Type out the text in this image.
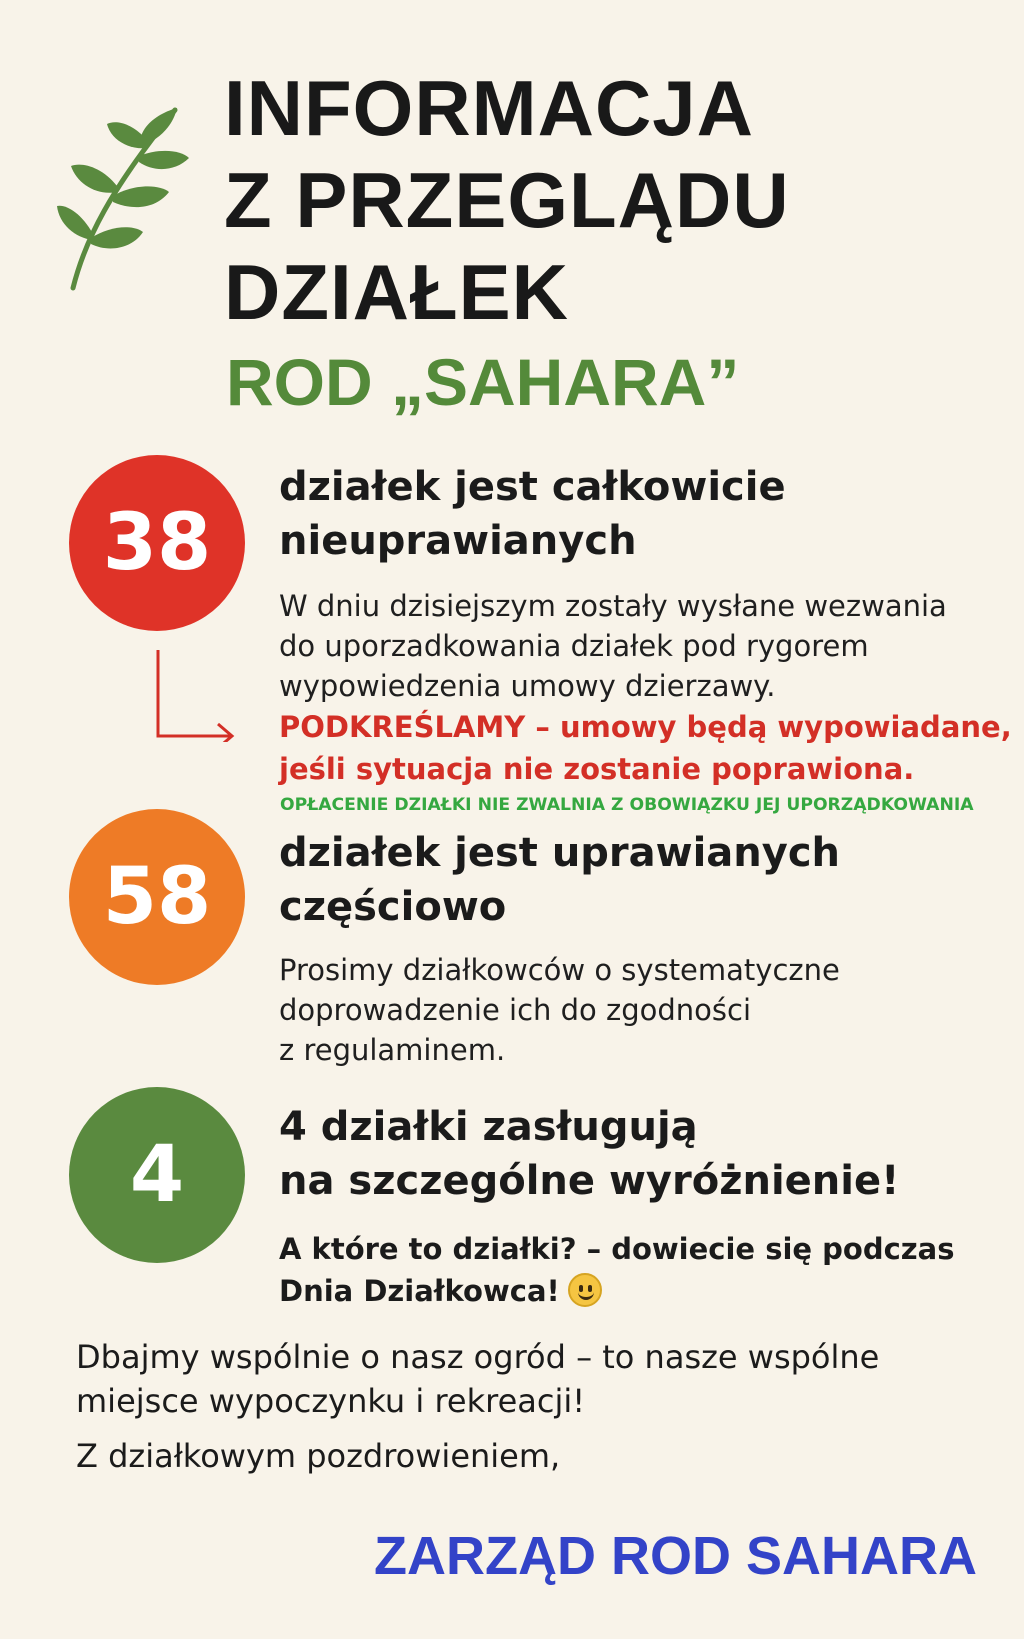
INFORMACJA
Z PRZEGLĄDU
DZIAŁEK
ROD „SAHARA”
38
działek jest całkowicie
nieuprawianych
W dniu dzisiejszym zostały wysłane wezwania
do uporzadkowania działek pod rygorem
wypowiedzenia umowy dzierzawy.
PODKREŚLAMY – umowy będą wypowiadane,
jeśli sytuacja nie zostanie poprawiona.
OPŁACENIE DZIAŁKI NIE ZWALNIA Z OBOWIĄZKU JEJ UPORZĄDKOWANIA
58	działek jest uprawianych
częściowo
Prosimy działkowców o systematyczne
doprowadzenie ich do zgodności
z regulaminem.
4
4 działki zasługują
na szczególne wyróżnienie!
A które to działki? – dowiecie się podczas
Dnia Działkowca!
Dbajmy wspólnie o nasz ogród – to nasze wspólne
miejsce wypoczynku i rekreacji!
Z działkowym pozdrowieniem,
ZARZĄD ROD SAHARA
